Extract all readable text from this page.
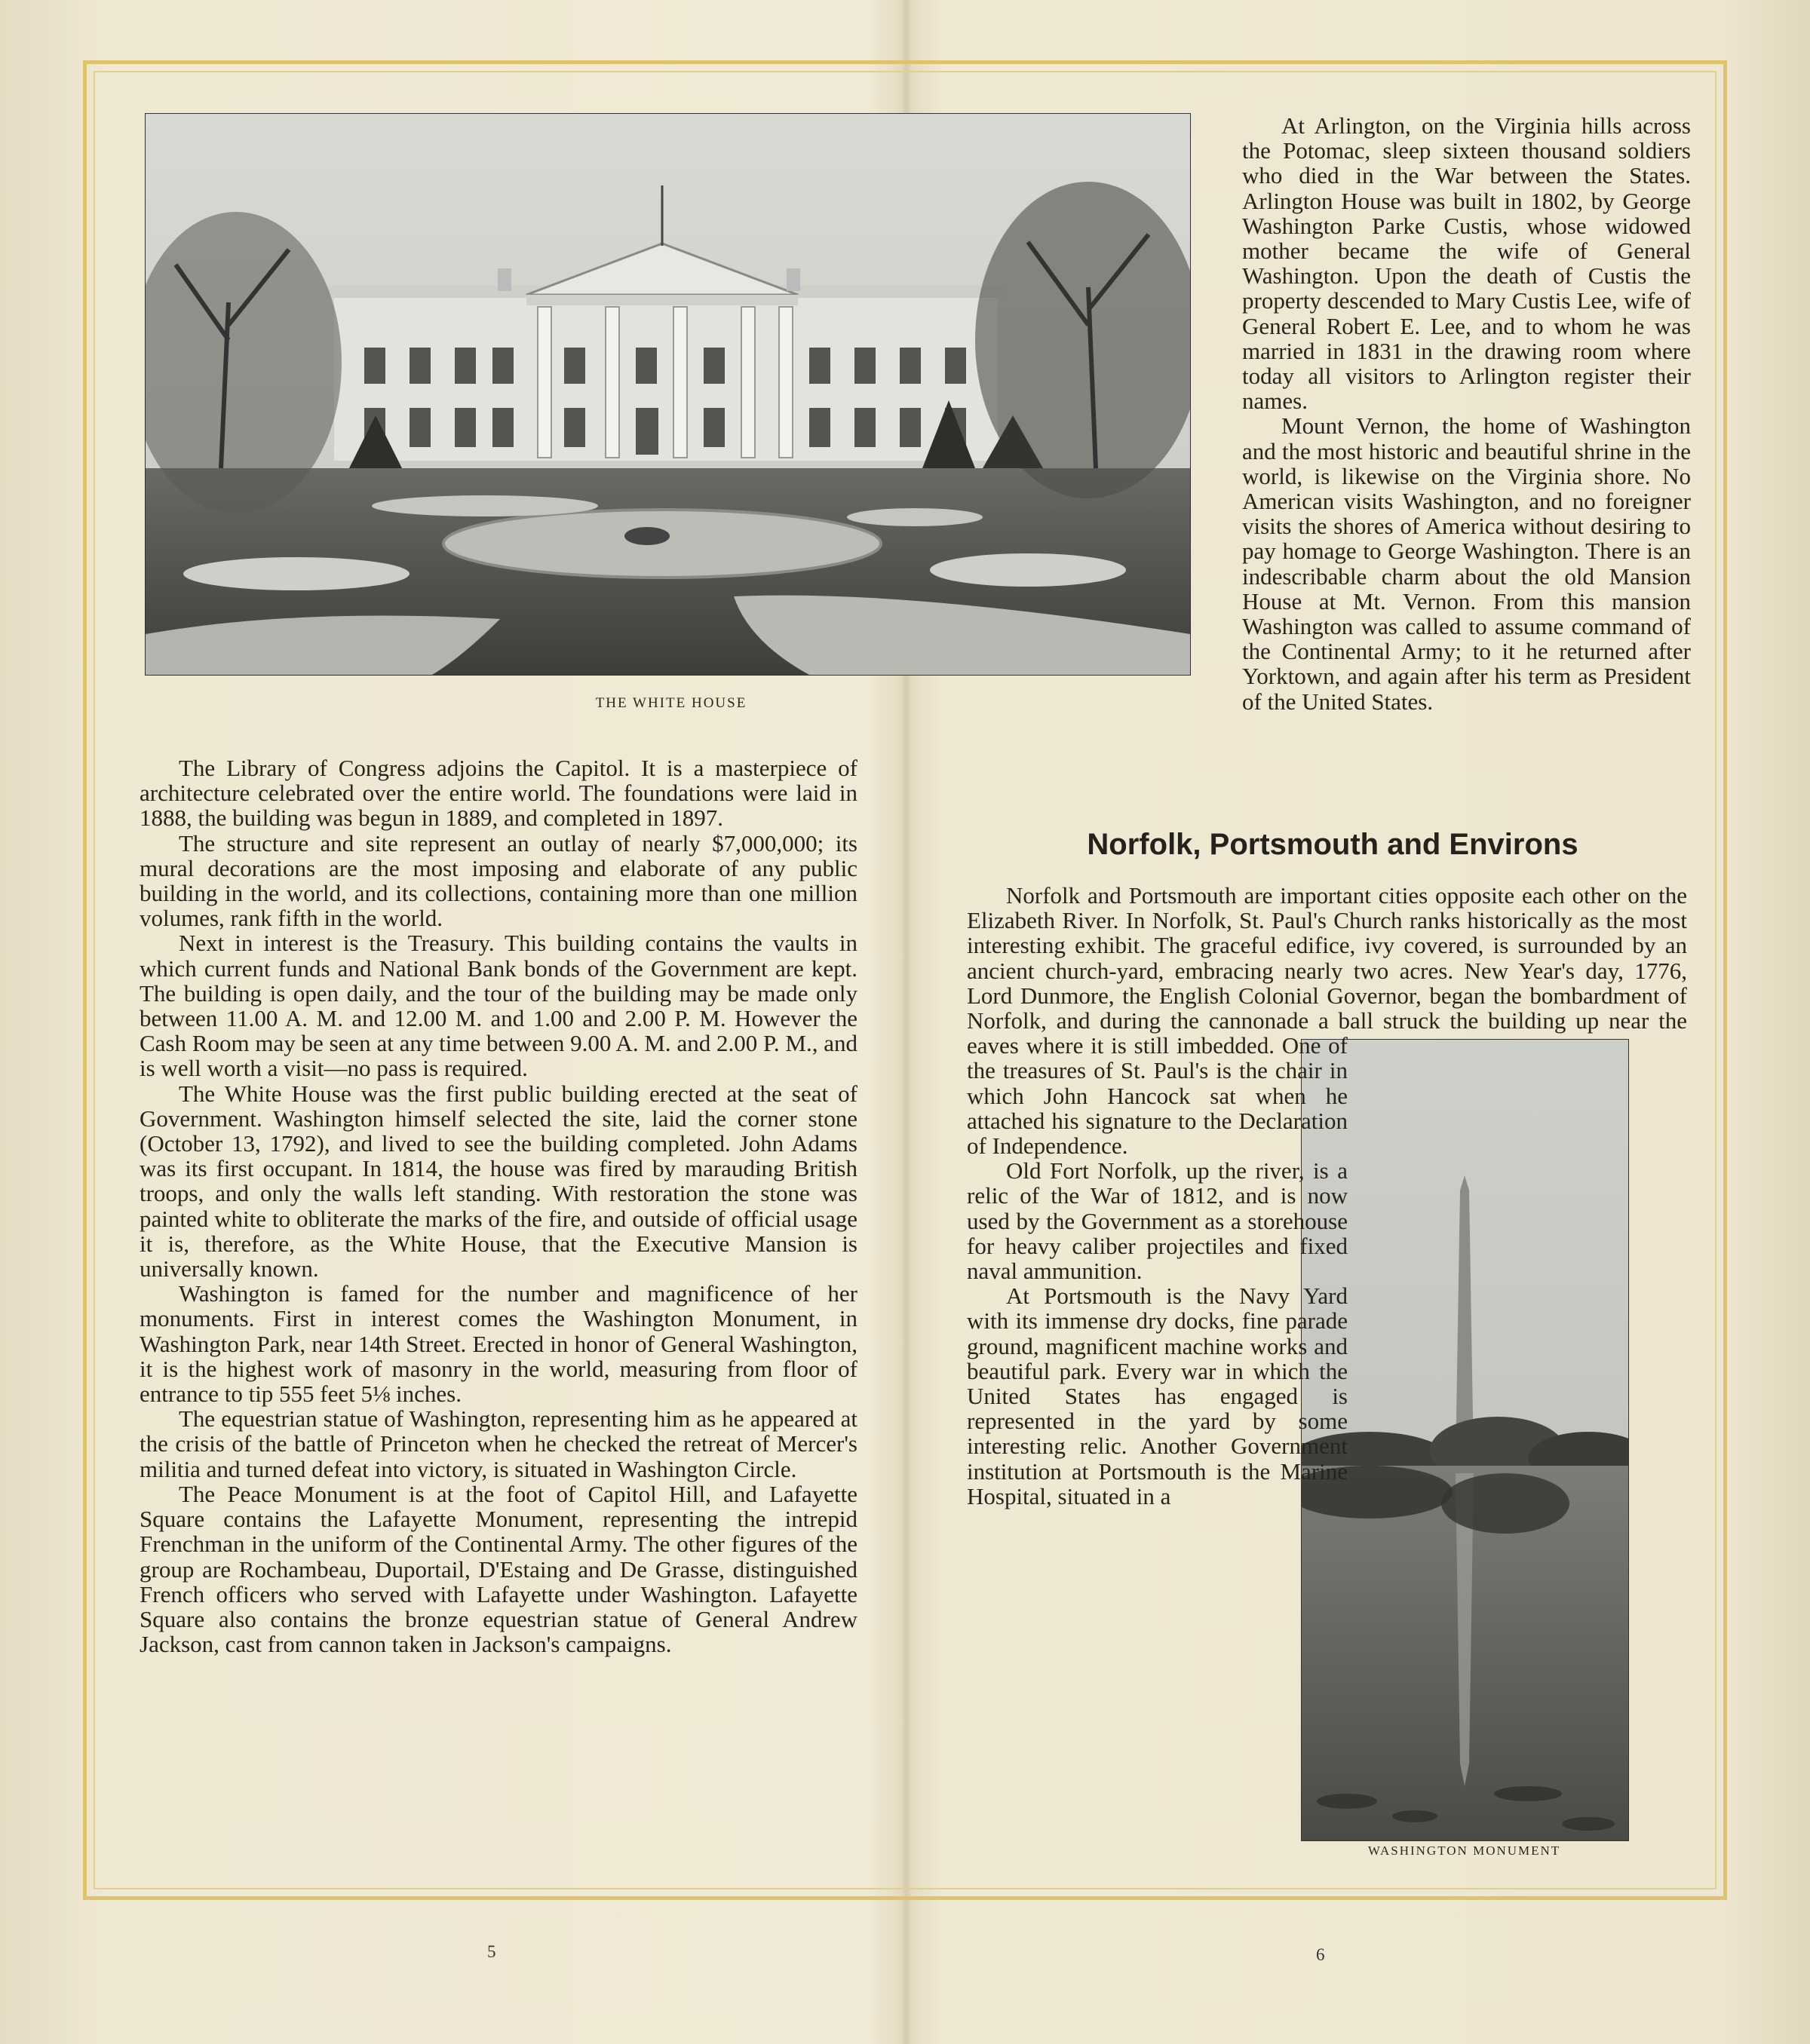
THE WHITE HOUSE

The Library of Congress adjoins the Capitol. It is a masterpiece of architecture celebrated over the entire world. The foundations were laid in 1888, the building was begun in 1889, and completed in 1897.

The structure and site represent an outlay of nearly $7,000,000; its mural decorations are the most imposing and elaborate of any public building in the world, and its collections, containing more than one million volumes, rank fifth in the world.

Next in interest is the Treasury. This building contains the vaults in which current funds and National Bank bonds of the Government are kept. The building is open daily, and the tour of the building may be made only between 11.00 A. M. and 12.00 M. and 1.00 and 2.00 P. M. However the Cash Room may be seen at any time between 9.00 A. M. and 2.00 P. M., and is well worth a visit—no pass is required.

The White House was the first public building erected at the seat of Government. Washington himself selected the site, laid the corner stone (October 13, 1792), and lived to see the building completed. John Adams was its first occupant. In 1814, the house was fired by marauding British troops, and only the walls left standing. With restoration the stone was painted white to obliterate the marks of the fire, and outside of official usage it is, therefore, as the White House, that the Executive Mansion is universally known.

Washington is famed for the number and magnificence of her monuments. First in interest comes the Washington Monument, in Washington Park, near 14th Street. Erected in honor of General Washington, it is the highest work of masonry in the world, measuring from floor of entrance to tip 555 feet 5⅛ inches.

The equestrian statue of Washington, representing him as he appeared at the crisis of the battle of Princeton when he checked the retreat of Mercer's militia and turned defeat into victory, is situated in Washington Circle.

The Peace Monument is at the foot of Capitol Hill, and Lafayette Square contains the Lafayette Monument, representing the intrepid Frenchman in the uniform of the Continental Army. The other figures of the group are Rochambeau, Duportail, D'Estaing and De Grasse, distinguished French officers who served with Lafayette under Washington. Lafayette Square also contains the bronze equestrian statue of General Andrew Jackson, cast from cannon taken in Jackson's campaigns.

At Arlington, on the Virginia hills across the Potomac, sleep sixteen thousand soldiers who died in the War between the States. Arlington House was built in 1802, by George Washington Parke Custis, whose widowed mother became the wife of General Washington. Upon the death of Custis the property descended to Mary Custis Lee, wife of General Robert E. Lee, and to whom he was married in 1831 in the drawing room where today all visitors to Arlington register their names.

Mount Vernon, the home of Washington and the most historic and beautiful shrine in the world, is likewise on the Virginia shore. No American visits Washington, and no foreigner visits the shores of America without desiring to pay homage to George Washington. There is an indescribable charm about the old Mansion House at Mt. Vernon. From this mansion Washington was called to assume command of the Continental Army; to it he returned after Yorktown, and again after his term as President of the United States.

Norfolk, Portsmouth and Environs
WASHINGTON MONUMENT

Norfolk and Portsmouth are important cities opposite each other on the Elizabeth River. In Norfolk, St. Paul's Church ranks historically as the most interesting exhibit. The graceful edifice, ivy covered, is surrounded by an ancient church-yard, embracing nearly two acres. New Year's day, 1776, Lord Dunmore, the English Colonial Governor, began the bombardment of Norfolk, and during the cannonade a ball struck the building up near the eaves where it is still imbedded. One of the treasures of St. Paul's is the chair in which John Hancock sat when he attached his signature to the Declaration of Independence.

Old Fort Norfolk, up the river, is a relic of the War of 1812, and is now used by the Government as a storehouse for heavy caliber projectiles and fixed naval ammunition.

At Portsmouth is the Navy Yard with its immense dry docks, fine parade ground, magnificent machine works and beautiful park. Every war in which the United States has engaged is represented in the yard by some interesting relic. Another Government institution at Portsmouth is the Marine Hospital, situated in a

5	6
